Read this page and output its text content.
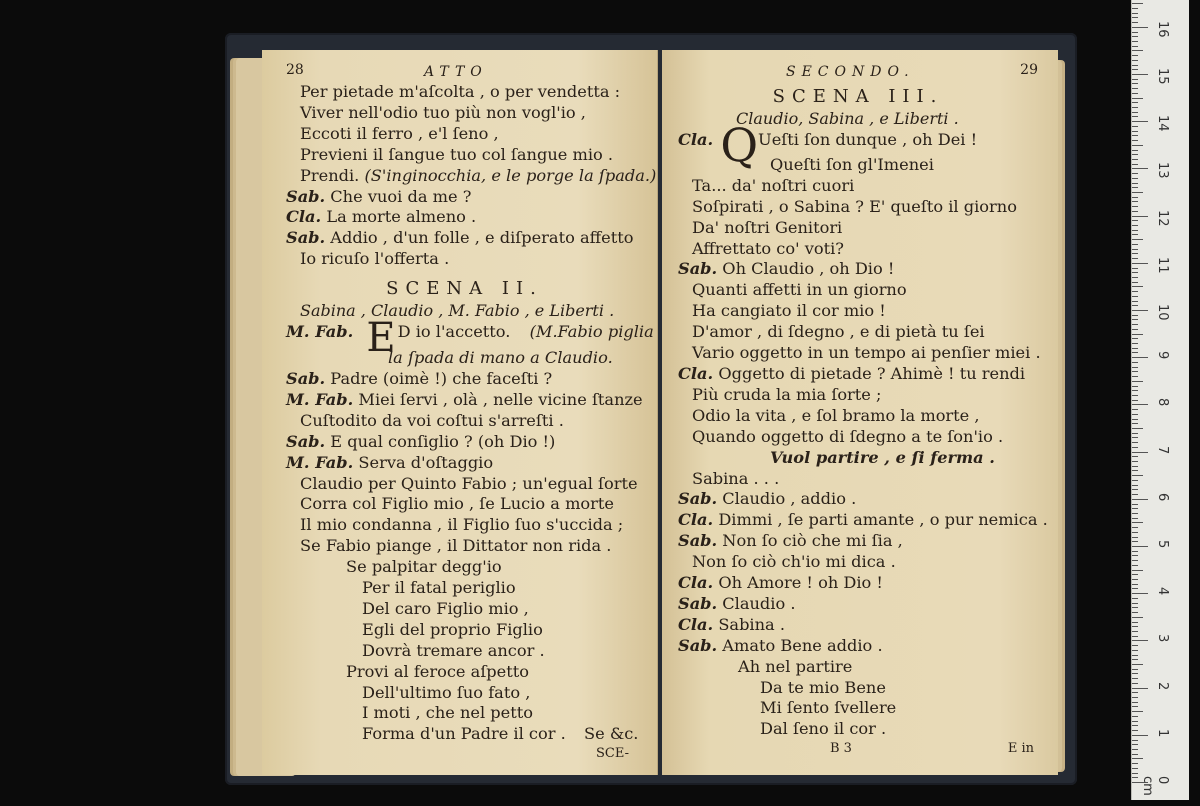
28	ATTO
Per pietade m'aſcolta , o per vendetta :
Viver nell'odio tuo più non vogl'io ,
Eccoti il ferro , e'l ſeno ,
Previeni il ſangue tuo col ſangue mio .
Prendi. (S'inginocchia, e le porge la ſpada.)
Sab. Che vuoi da me ?
Cla. La morte almeno .
Sab. Addio , d'un folle , e diſperato affetto
Io ricuſo l'offerta .
SCENA II.
Sabina , Claudio , M. Fabio , e Liberti .
M. Fab. E D io l'accetto. (M.Fabio piglia
la ſpada di mano a Claudio.
Sab. Padre (oimè !) che faceſti ?
M. Fab. Miei ſervi , olà , nelle vicine ſtanze
Cuſtodito da voi coſtui s'arreſti .
Sab. E qual conſiglio ? (oh Dio !)
M. Fab. Serva d'oſtaggio
Claudio per Quinto Fabio ; un'egual ſorte
Corra col Figlio mio , ſe Lucio a morte
Il mio condanna , il Figlio ſuo s'uccida ;
Se Fabio piange , il Dittator non rida .
Se palpitar degg'io
Per il fatal periglio
Del caro Figlio mio ,
Egli del proprio Figlio
Dovrà tremare ancor .
Provi al feroce aſpetto
Dell'ultimo ſuo fato ,
I moti , che nel petto
Forma d'un Padre il cor . Se &c.
SCE-
SECONDO.	29
SCENA III.
Claudio, Sabina , e Liberti .
Cla. QUeſti ſon dunque , oh Dei !
Queſti ſon gl'Imenei
Ta... da' noſtri cuori
Soſpirati , o Sabina ? E' queſto il giorno
Da' noſtri Genitori
Affrettato co' voti?
Sab. Oh Claudio , oh Dio !
Quanti affetti in un giorno
Ha cangiato il cor mio !
D'amor , di ſdegno , e di pietà tu ſei
Vario oggetto in un tempo ai penſier miei .
Cla. Oggetto di pietade ? Ahimè ! tu rendi
Più cruda la mia ſorte ;
Odio la vita , e ſol bramo la morte ,
Quando oggetto di ſdegno a te ſon'io .
Vuol partire , e ſi ferma .
Sabina . . .
Sab. Claudio , addio .
Cla. Dimmi , ſe parti amante , o pur nemica .
Sab. Non ſo ciò che mi ſia ,
Non ſo ciò ch'io mi dica .
Cla. Oh Amore ! oh Dio !
Sab. Claudio .
Cla. Sabina .
Sab. Amato Bene addio .
Ah nel partire
Da te mio Bene
Mi ſento ſvellere
Dal ſeno il cor .
B 3	E in
0 cm
1
2
3
4
5
6
7
8
9
10
11
12
13
14
15
16
